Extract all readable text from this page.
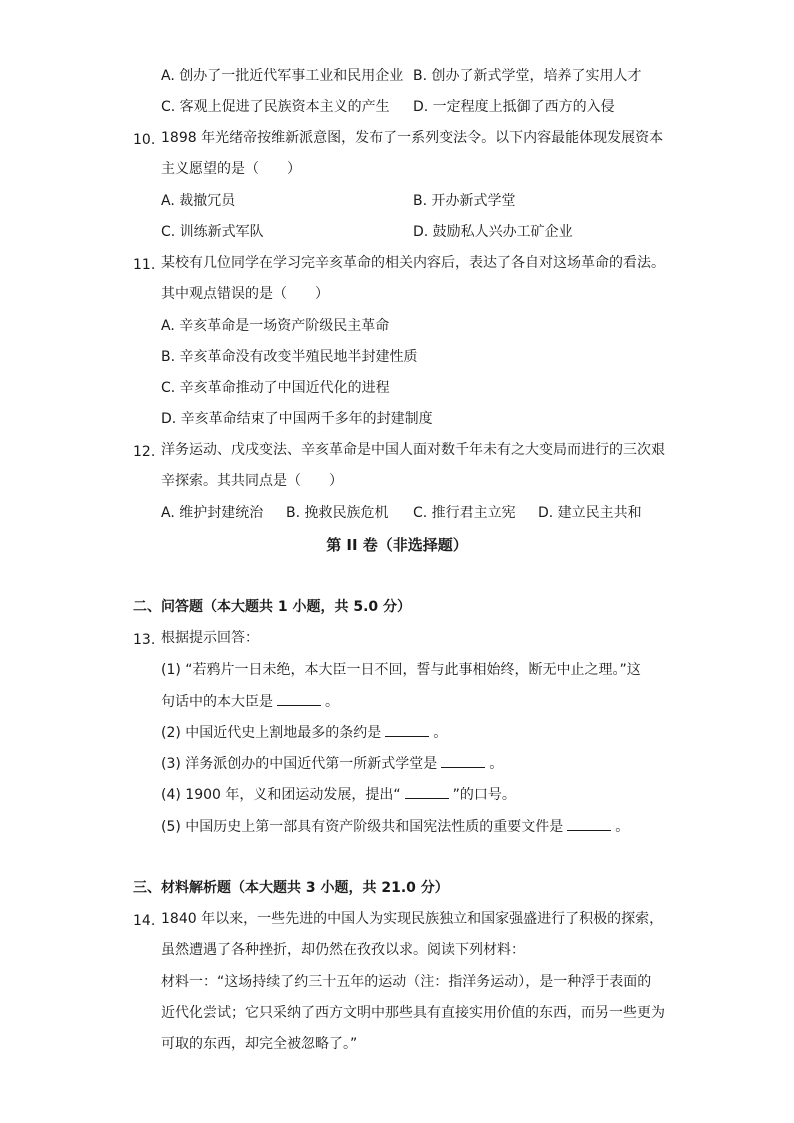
A. 创办了一批近代军事工业和民用企业 B. 创办了新式学堂，培养了实用人才
C. 客观上促进了民族资本主义的产生 D. 一定程度上抵御了西方的入侵
10. 1898 年光绪帝按维新派意图，发布了一系列变法令。以下内容最能体现发展资本
主义愿望的是（　　）
A. 裁撤冗员	B. 开办新式学堂
C. 训练新式军队	D. 鼓励私人兴办工矿企业
11. 某校有几位同学在学习完辛亥革命的相关内容后，表达了各自对这场革命的看法。
其中观点错误的是（　　）
A. 辛亥革命是一场资产阶级民主革命
B. 辛亥革命没有改变半殖民地半封建性质
C. 辛亥革命推动了中国近代化的进程
D. 辛亥革命结束了中国两千多年的封建制度
12. 洋务运动、戊戌变法、辛亥革命是中国人面对数千年未有之大变局而进行的三次艰
辛探索。其共同点是（　　）
A. 维护封建统治 B. 挽救民族危机 C. 推行君主立宪 D. 建立民主共和
第 II 卷（非选择题）
二、问答题（本大题共 1 小题，共 5.0 分）
13. 根据提示回答：
(1) “若鸦片一日未绝，本大臣一日不回，誓与此事相始终，断无中止之理。”这
句话中的本大臣是	。
(2) 中国近代史上割地最多的条约是	。
(3) 洋务派创办的中国近代第一所新式学堂是	。
(4) 1900 年，义和团运动发展，提出“	”的口号。
(5) 中国历史上第一部具有资产阶级共和国宪法性质的重要文件是	。
三、材料解析题（本大题共 3 小题，共 21.0 分）
14. 1840 年以来，一些先进的中国人为实现民族独立和国家强盛进行了积极的探索，
虽然遭遇了各种挫折，却仍然在孜孜以求。阅读下列材料：
材料一：“这场持续了约三十五年的运动（注：指洋务运动），是一种浮于表面的
近代化尝试；它只采纳了西方文明中那些具有直接实用价值的东西，而另一些更为
可取的东西，却完全被忽略了。”
